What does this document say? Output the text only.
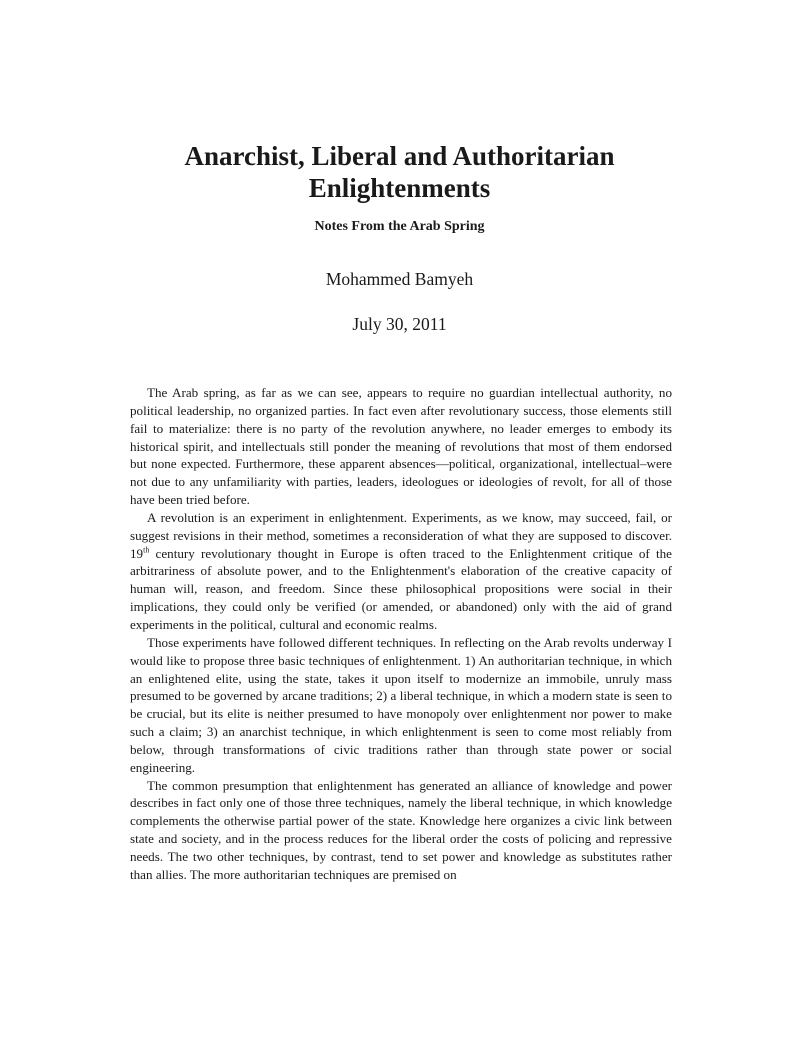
Anarchist, Liberal and Authoritarian Enlightenments
Notes From the Arab Spring
Mohammed Bamyeh
July 30, 2011

The Arab spring, as far as we can see, appears to require no guardian intellectual authority, no political leadership, no organized parties. In fact even after revolutionary success, those elements still fail to materialize: there is no party of the revolution anywhere, no leader emerges to embody its historical spirit, and intellectuals still ponder the meaning of revolutions that most of them endorsed but none expected. Furthermore, these apparent absences—political, organizational, intellectual–were not due to any unfamiliarity with parties, leaders, ideologues or ideologies of revolt, for all of those have been tried before.

A revolution is an experiment in enlightenment. Experiments, as we know, may succeed, fail, or suggest revisions in their method, sometimes a reconsideration of what they are supposed to discover. 19th century revolutionary thought in Europe is often traced to the Enlightenment critique of the arbitrariness of absolute power, and to the Enlightenment's elaboration of the creative capacity of human will, reason, and freedom. Since these philosophical propositions were social in their implications, they could only be verified (or amended, or abandoned) only with the aid of grand experiments in the political, cultural and economic realms.

Those experiments have followed different techniques. In reflecting on the Arab revolts underway I would like to propose three basic techniques of enlightenment. 1) An authoritarian technique, in which an enlightened elite, using the state, takes it upon itself to modernize an immobile, unruly mass presumed to be governed by arcane traditions; 2) a liberal technique, in which a modern state is seen to be crucial, but its elite is neither presumed to have monopoly over enlightenment nor power to make such a claim; 3) an anarchist technique, in which enlightenment is seen to come most reliably from below, through transformations of civic traditions rather than through state power or social engineering.

The common presumption that enlightenment has generated an alliance of knowledge and power describes in fact only one of those three techniques, namely the liberal technique, in which knowledge complements the otherwise partial power of the state. Knowledge here organizes a civic link between state and society, and in the process reduces for the liberal order the costs of policing and repressive needs. The two other techniques, by contrast, tend to set power and knowledge as substitutes rather than allies. The more authoritarian techniques are premised on
